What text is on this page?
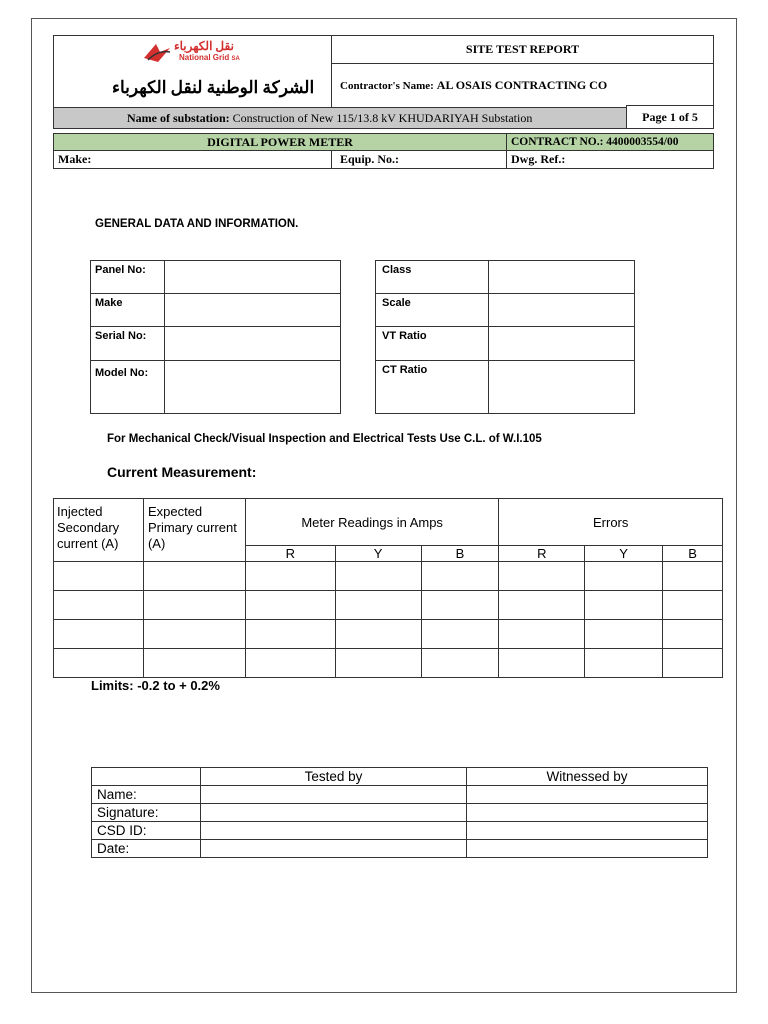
نقل الكهرباء
National Grid SA
الشركة الوطنية لنقل الكهرباء
SITE TEST REPORT
Contractor's Name: AL OSAIS CONTRACTING CO
Name of substation: Construction of New 115/13.8 kV KHUDARIYAH Substation	Page 1 of 5
DIGITAL POWER METER	CONTRACT NO.: 4400003554/00
Make:	Equip. No.:	Dwg. Ref.:
GENERAL DATA AND INFORMATION.
Panel No:	
Make	
Serial No:	
Model No:	
Class	
Scale	
VT Ratio	
CT Ratio	
For Mechanical Check/Visual Inspection and Electrical Tests Use C.L. of W.I.105
Current Measurement:
Injected Secondary current (A)	Expected Primary current (A)	Meter Readings in Amps			Errors		
		R	Y	B	R	Y	B

Limits: -0.2 to + 0.2%
	Tested by	Witnessed by
Name:		
Signature:		
CSD ID:		
Date:		
